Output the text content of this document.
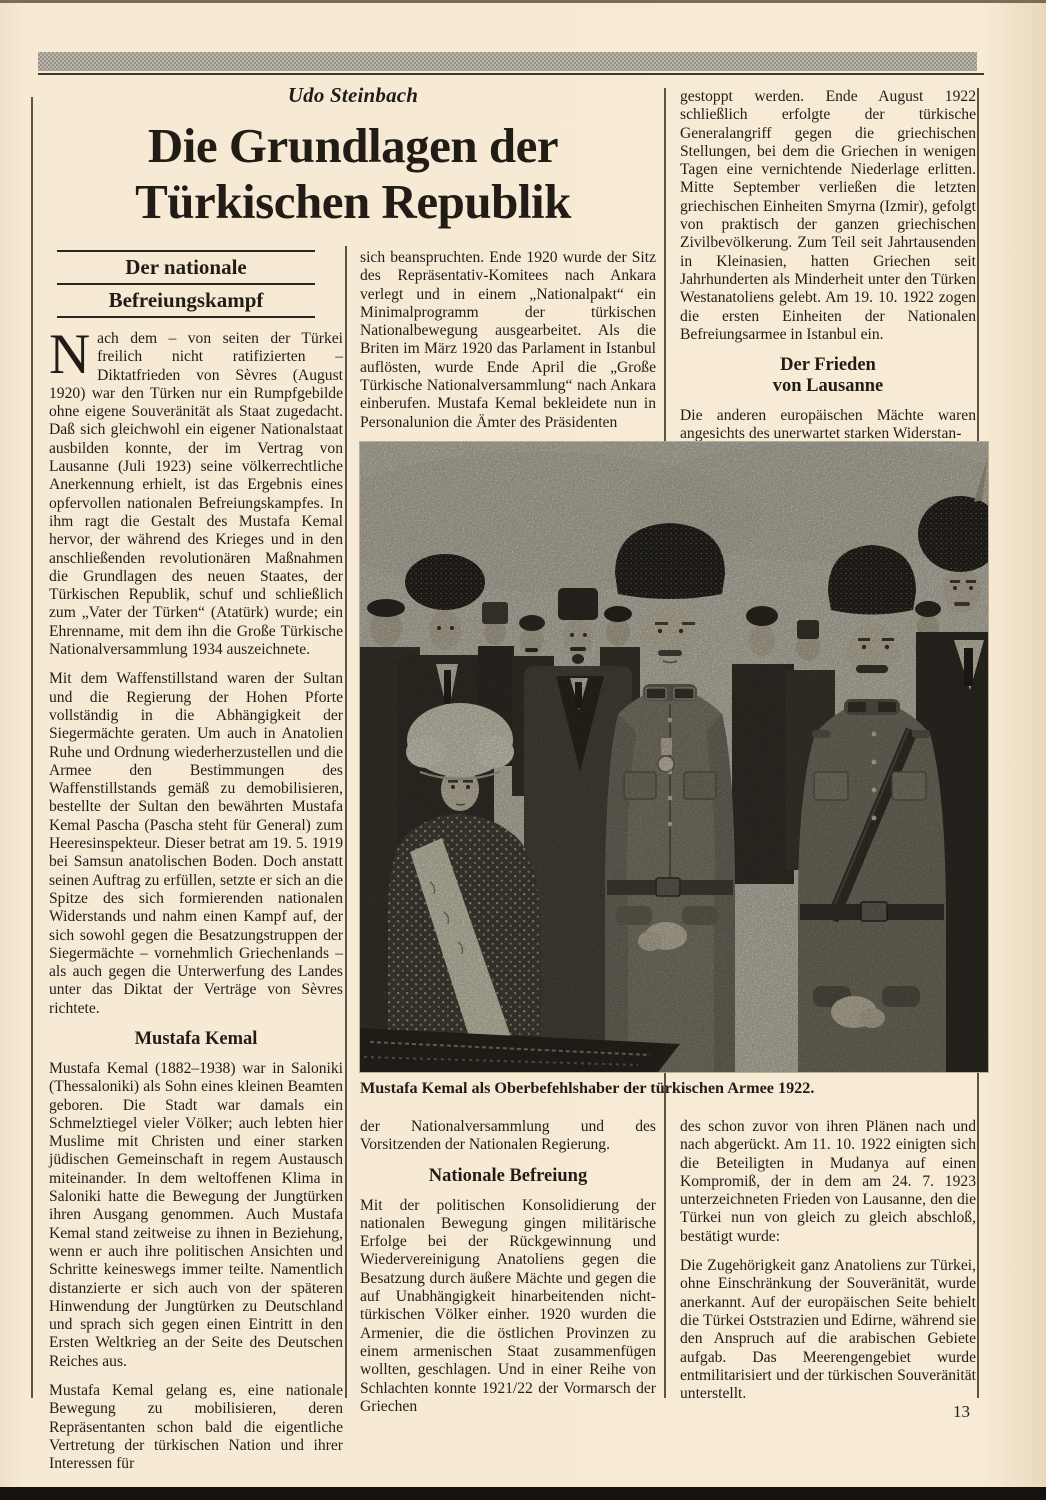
Udo Steinbach
Die Grundlagen der
Türkischen Republik
Der nationale
Befreiungskampf

Nach dem – von seiten der Türkei freilich nicht ratifizierten – Diktatfrieden von Sèvres (August 1920) war den Türken nur ein Rumpfgebilde ohne eigene Souveränität als Staat zugedacht. Daß sich gleichwohl ein eigener Nationalstaat ausbilden konnte, der im Vertrag von Lausanne (Juli 1923) seine völkerrechtliche Anerkennung erhielt, ist das Ergebnis eines opfervollen nationalen Befreiungskampfes. In ihm ragt die Gestalt des Mustafa Kemal hervor, der während des Krieges und in den anschließenden revolutionären Maßnahmen die Grundlagen des neuen Staates, der Türkischen Republik, schuf und schließlich zum „Vater der Türken“ (Atatürk) wurde; ein Ehrenname, mit dem ihn die Große Türkische Nationalversammlung 1934 auszeichnete.

Mit dem Waffenstillstand waren der Sultan und die Regierung der Hohen Pforte vollständig in die Abhängigkeit der Siegermächte geraten. Um auch in Anatolien Ruhe und Ordnung wiederherzustellen und die Armee den Bestimmungen des Waffenstillstands gemäß zu demobilisieren, bestellte der Sultan den bewährten Mustafa Kemal Pascha (Pascha steht für General) zum Heeresinspekteur. Dieser betrat am 19. 5. 1919 bei Samsun anatolischen Boden. Doch anstatt seinen Auftrag zu erfüllen, setzte er sich an die Spitze des sich formierenden nationalen Widerstands und nahm einen Kampf auf, der sich sowohl gegen die Besatzungstruppen der Siegermächte – vornehmlich Griechenlands – als auch gegen die Unterwerfung des Landes unter das Diktat der Verträge von Sèvres richtete.

Mustafa Kemal

Mustafa Kemal (1882–1938) war in Saloniki (Thessaloniki) als Sohn eines kleinen Beamten geboren. Die Stadt war damals ein Schmelztiegel vieler Völker; auch lebten hier Muslime mit Christen und einer starken jüdischen Gemeinschaft in regem Austausch miteinander. In dem weltoffenen Klima in Saloniki hatte die Bewegung der Jungtürken ihren Ausgang genommen. Auch Mustafa Kemal stand zeitweise zu ihnen in Beziehung, wenn er auch ihre politischen Ansichten und Schritte keineswegs immer teilte. Namentlich distanzierte er sich auch von der späteren Hinwendung der Jungtürken zu Deutschland und sprach sich gegen einen Eintritt in den Ersten Weltkrieg an der Seite des Deutschen Reiches aus.

Mustafa Kemal gelang es, eine nationale Bewegung zu mobilisieren, deren Repräsentanten schon bald die eigentliche Vertretung der türkischen Nation und ihrer Interessen für

sich beanspruchten. Ende 1920 wurde der Sitz des Repräsentativ-Komitees nach Ankara verlegt und in einem „Nationalpakt“ ein Minimalprogramm der türkischen Nationalbewegung ausgearbeitet. Als die Briten im März 1920 das Parlament in Istanbul auflösten, wurde Ende April die „Große Türkische Nationalversammlung“ nach Ankara einberufen. Mustafa Kemal bekleidete nun in Personalunion die Ämter des Präsidenten

gestoppt werden. Ende August 1922 schließlich erfolgte der türkische Generalangriff gegen die griechischen Stellungen, bei dem die Griechen in wenigen Tagen eine vernichtende Niederlage erlitten. Mitte September verließen die letzten griechischen Einheiten Smyrna (Izmir), gefolgt von praktisch der ganzen griechischen Zivilbevölkerung. Zum Teil seit Jahrtausenden in Kleinasien, hatten Griechen seit Jahrhunderten als Minderheit unter den Türken Westanatoliens gelebt. Am 19. 10. 1922 zogen die ersten Einheiten der Nationalen Befreiungsarmee in Istanbul ein.

Der Frieden
von Lausanne

Die anderen europäischen Mächte waren angesichts des unerwartet starken Widerstan-

Mustafa Kemal als Oberbefehlshaber der türkischen Armee 1922.

der Nationalversammlung und des Vorsitzenden der Nationalen Regierung.

Nationale Befreiung

Mit der politischen Konsolidierung der nationalen Bewegung gingen militärische Erfolge bei der Rückgewinnung und Wiedervereinigung Anatoliens gegen die Besatzung durch äußere Mächte und gegen die auf Unabhängigkeit hinarbeitenden nicht-türkischen Völker einher. 1920 wurden die Armenier, die die östlichen Provinzen zu einem armenischen Staat zusammenfügen wollten, geschlagen. Und in einer Reihe von Schlachten konnte 1921/22 der Vormarsch der Griechen

des schon zuvor von ihren Plänen nach und nach abgerückt. Am 11. 10. 1922 einigten sich die Beteiligten in Mudanya auf einen Kompromiß, der in dem am 24. 7. 1923 unterzeichneten Frieden von Lausanne, den die Türkei nun von gleich zu gleich abschloß, bestätigt wurde:

Die Zugehörigkeit ganz Anatoliens zur Türkei, ohne Einschränkung der Souveränität, wurde anerkannt. Auf der europäischen Seite behielt die Türkei Oststrazien und Edirne, während sie den Anspruch auf die arabischen Gebiete aufgab. Das Meerengengebiet wurde entmilitarisiert und der türkischen Souveränität unterstellt.

13
